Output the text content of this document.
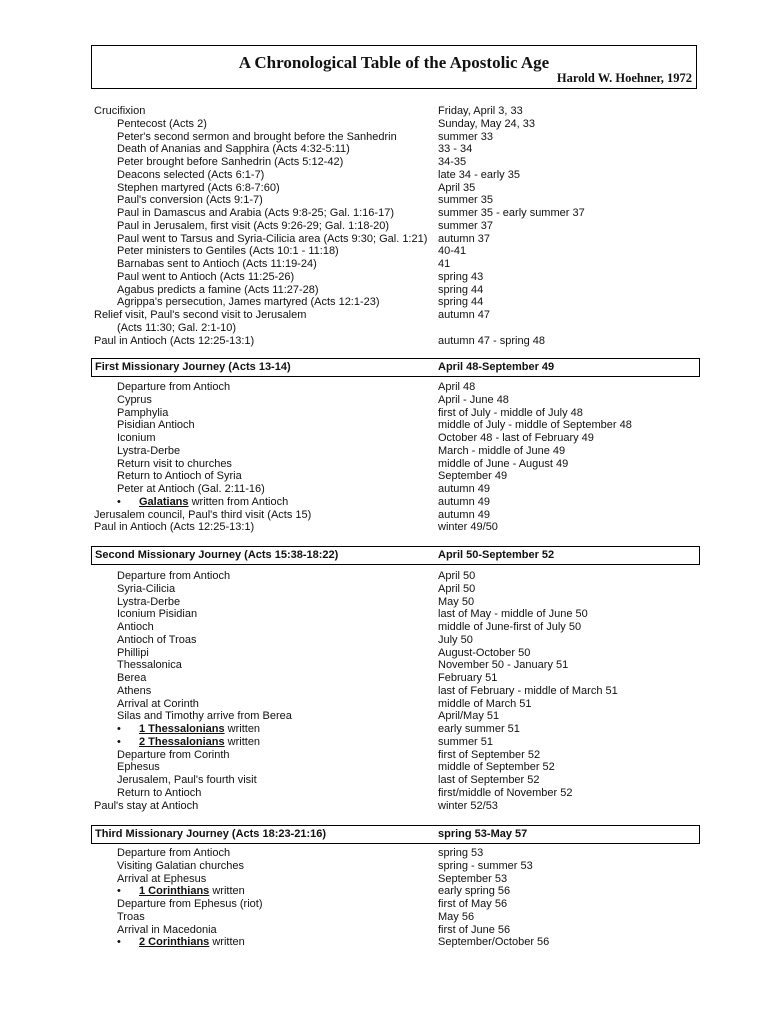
A Chronological Table of the Apostolic Age
Harold W. Hoehner, 1972
Crucifixion	Friday, April 3, 33
Pentecost (Acts 2)	Sunday, May 24, 33
Peter's second sermon and brought before the Sanhedrin	summer 33
Death of Ananias and Sapphira (Acts 4:32-5:11)	33 - 34
Peter brought before Sanhedrin (Acts 5:12-42)	34-35
Deacons selected (Acts 6:1-7)	late 34 - early 35
Stephen martyred (Acts 6:8-7:60)	April 35
Paul's conversion (Acts 9:1-7)	summer 35
Paul in Damascus and Arabia (Acts 9:8-25; Gal. 1:16-17)	summer 35 - early summer 37
Paul in Jerusalem, first visit (Acts 9:26-29; Gal. 1:18-20)	summer 37
Paul went to Tarsus and Syria-Cilicia area (Acts 9:30; Gal. 1:21) autumn 37
Peter ministers to Gentiles (Acts 10:1 - 11:18)	40-41
Barnabas sent to Antioch (Acts 11:19-24)	41
Paul went to Antioch (Acts 11:25-26)	spring 43
Agabus predicts a famine (Acts 11:27-28)	spring 44
Agrippa's persecution, James martyred (Acts 12:1-23)	spring 44
Relief visit, Paul's second visit to Jerusalem	autumn 47
(Acts 11:30; Gal. 2:1-10)
Paul in Antioch (Acts 12:25-13:1)	autumn 47 - spring 48
First Missionary Journey (Acts 13-14)	April 48-September 49
Departure from Antioch	April 48
Cyprus	April - June 48
Pamphylia	first of July - middle of July 48
Pisidian Antioch	middle of July - middle of September 48
Iconium	October 48 - last of February 49
Lystra-Derbe	March - middle of June 49
Return visit to churches	middle of June - August 49
Return to Antioch of Syria	September 49
Peter at Antioch (Gal. 2:11-16)	autumn 49
• Galatians written from Antioch	autumn 49
Jerusalem council, Paul's third visit (Acts 15)	autumn 49
Paul in Antioch (Acts 12:25-13:1)	winter 49/50
Second Missionary Journey (Acts 15:38-18:22)	April 50-September 52
Departure from Antioch	April 50
Syria-Cilicia	April 50
Lystra-Derbe	May 50
Iconium Pisidian	last of May - middle of June 50
Antioch	middle of June-first of July 50
Antioch of Troas	July 50
Phillipi	August-October 50
Thessalonica	November 50 - January 51
Berea	February 51
Athens	last of February - middle of March 51
Arrival at Corinth	middle of March 51
Silas and Timothy arrive from Berea	April/May 51
• 1 Thessalonians written	early summer 51
• 2 Thessalonians written	summer 51
Departure from Corinth	first of September 52
Ephesus	middle of September 52
Jerusalem, Paul's fourth visit	last of September 52
Return to Antioch	first/middle of November 52
Paul's stay at Antioch	winter 52/53
Third Missionary Journey (Acts 18:23-21:16)	spring 53-May 57
Departure from Antioch	spring 53
Visiting Galatian churches	spring - summer 53
Arrival at Ephesus	September 53
• 1 Corinthians written	early spring 56
Departure from Ephesus (riot)	first of May 56
Troas	May 56
Arrival in Macedonia	first of June 56
• 2 Corinthians written	September/October 56
